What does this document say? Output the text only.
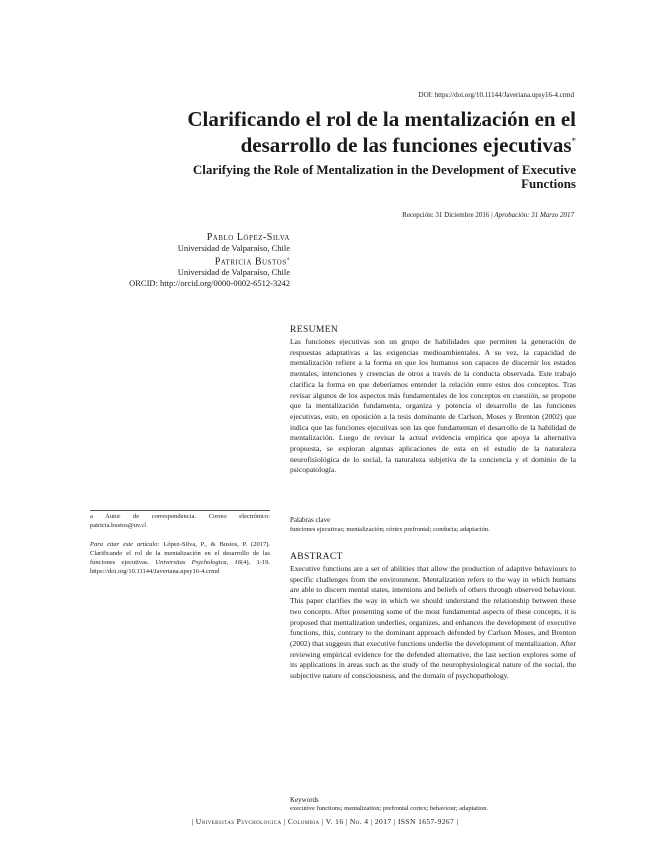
DOI: https://doi.org/10.11144/Javeriana.upsy16-4.crmd
Clarificando el rol de la mentalización en el desarrollo de las funciones ejecutivas*
Clarifying the Role of Mentalization in the Development of Executive Functions
Recepción: 31 Diciembre 2016 | Aprobación: 31 Marzo 2017
Pablo López-Silva
Universidad de Valparaíso, Chile
Patricia Bustos$^a$
Universidad de Valparaíso, Chile
ORCID: http://orcid.org/0000-0002-6512-3242
RESUMEN
Las funciones ejecutivas son un grupo de habilidades que permiten la generación de respuestas adaptativas a las exigencias medioambientales. A su vez, la capacidad de mentalización refiere a la forma en que los humanos son capaces de discernir los estados mentales, intenciones y creencias de otros a través de la conducta observada. Este trabajo clarifica la forma en que deberíamos entender la relación entre estos dos conceptos. Tras revisar algunos de los aspectos más fundamentales de los conceptos en cuestión, se propone que la mentalización fundamenta, organiza y potencia el desarrollo de las funciones ejecutivas, esto, en oposición a la tesis dominante de Carlson, Moses y Brenton (2002) que indica que las funciones ejecutivas son las que fundamentan el desarrollo de la habilidad de mentalización. Luego de revisar la actual evidencia empírica que apoya la alternativa propuesta, se exploran algunas aplicaciones de esta en el estudio de la naturaleza neurofisiológica de lo social, la naturaleza subjetiva de la conciencia y el dominio de la psicopatología.
Palabras clave
funciones ejecutivas; mentalización; córtex prefrontal; conducta; adaptación.
ABSTRACT
Executive functions are a set of abilities that allow the production of adaptive behaviours to specific challenges from the environment. Mentalization refers to the way in which humans are able to discern mental states, intentions and beliefs of others through observed behaviour. This paper clarifies the way in which we should understand the relationship between these two concepts. After presenting some of the most fundamental aspects of these concepts, it is proposed that mentalization underlies, organizes, and enhances the development of executive functions, this, contrary to the dominant approach defended by Carlson Moses, and Brenton (2002) that suggests that executive functions underlie the development of mentalization. After reviewing empirical evidence for the defended alternative, the last section explores some of its applications in areas such as the study of the neurophysiological nature of the social, the subjective nature of consciousness, and the domain of psychopathology.
Keywords
executive functions; mentalization; prefrontal cortex; behaviour; adaptation.
a Autor de correspondencia. Correo electrónico: patricia.bustos@uv.cl
Para citar este artículo: López-Silva, P., & Bustos, P. (2017). Clarificando el rol de la mentalización en el desarrollo de las funciones ejecutivas. Universitas Psychologica, 16(4), 1-19. https://doi.org/10.11144/Javeriana.upsy16-4.crmd
| Universitas Psychologica | Colombia | V. 16 | No. 4 | 2017 | ISSN 1657-9267 |
